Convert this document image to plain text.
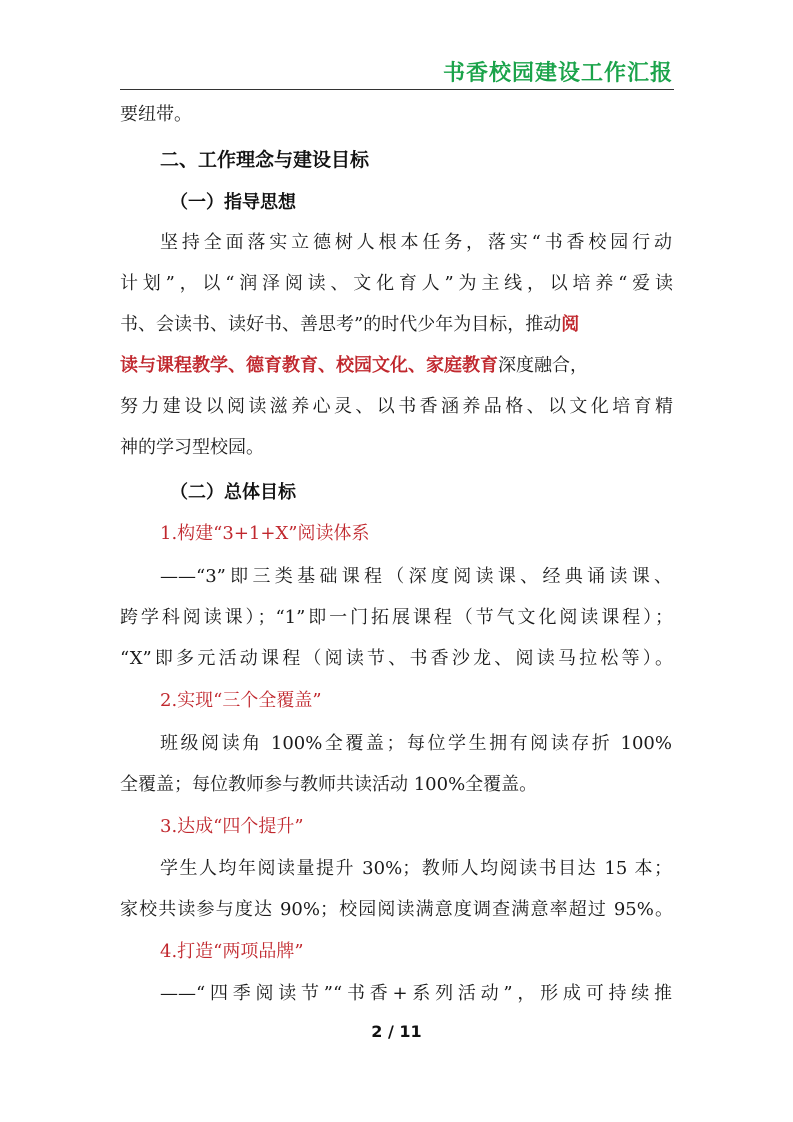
书香校园建设工作汇报
要纽带。
二、工作理念与建设目标
（一）指导思想
坚持全面落实立德树人根本任务，落实“书香校园行动
计划”，以“润泽阅读、文化育人”为主线，以培养“爱读
书、会读书、读好书、善思考”的时代少年为目标，推动阅
读与课程教学、德育教育、校园文化、家庭教育深度融合，
努力建设以阅读滋养心灵、以书香涵养品格、以文化培育精
神的学习型校园。
（二）总体目标
1.构建“3+1+X”阅读体系
——“3”即三类基础课程（深度阅读课、经典诵读课、
跨学科阅读课）；“1”即一门拓展课程（节气文化阅读课程）；
“X”即多元活动课程（阅读节、书香沙龙、阅读马拉松等）。
2.实现“三个全覆盖”
班级阅读角 100%全覆盖；每位学生拥有阅读存折 100%
全覆盖；每位教师参与教师共读活动 100%全覆盖。
3.达成“四个提升”
学生人均年阅读量提升 30%；教师人均阅读书目达 15 本；
家校共读参与度达 90%；校园阅读满意度调查满意率超过 95%。
4.打造“两项品牌”
——“四季阅读节”“书香+系列活动”，形成可持续推
2 / 11
